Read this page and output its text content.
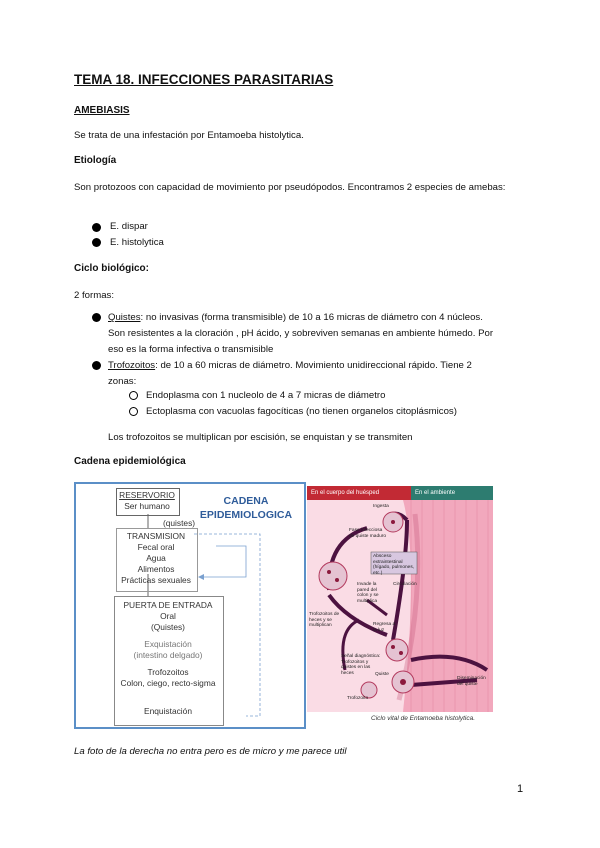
TEMA 18. INFECCIONES PARASITARIAS
AMEBIASIS
Se trata de una infestación por Entamoeba histolytica.
Etiología
Son protozoos con capacidad de movimiento por pseudópodos. Encontramos 2 especies de amebas:
E. dispar
E. histolytica
Ciclo biológico:
2 formas:
Quistes: no invasivas (forma transmisible) de 10 a 16 micras de diámetro con 4 núcleos.
Son resistentes a la cloración , pH ácido, y sobreviven semanas en ambiente húmedo. Por
eso es la forma infectiva o transmisible
Trofozoitos: de 10 a 60 micras de diámetro. Movimiento unidireccional rápido. Tiene 2
zonas:
Endoplasma con 1 nucleolo de 4 a 7 micras de diámetro
Ectoplasma con vacuolas fagocíticas (no tienen organelos citoplásmicos)
Los trofozoitos se multiplican por escisión, se enquistan y se transmiten
Cadena epidemiológica
CADENA
EPIDEMIOLOGICA
RESERVORIO
Ser humano
(quistes)
TRANSMISION
Fecal oral
Agua
Alimentos
Prácticas sexuales
PUERTA DE ENTRADA
Oral
(Quistes)
Exquistación
(intestino delgado)
Trofozoitos
Colon, ciego, recto-sigma
Enquistación
En el cuerpo del huésped	En el ambiente
Ingesta
Fase infecciosa de quiste maduro
Absceso extraintestinal (hígado, pulmones, etc.)
Invade la pared del colon y se multiplica
Circulación
Trofozoitos de heces y se multiplican	Regresa a la luz
Señal diagnóstica: Trofozoitos y quistes en las heces	Quiste
Diseminación del quiste
Trofozoito
Ciclo vital de Entamoeba histolytica.
La foto de la derecha no entra pero es de micro y me parece util
1
